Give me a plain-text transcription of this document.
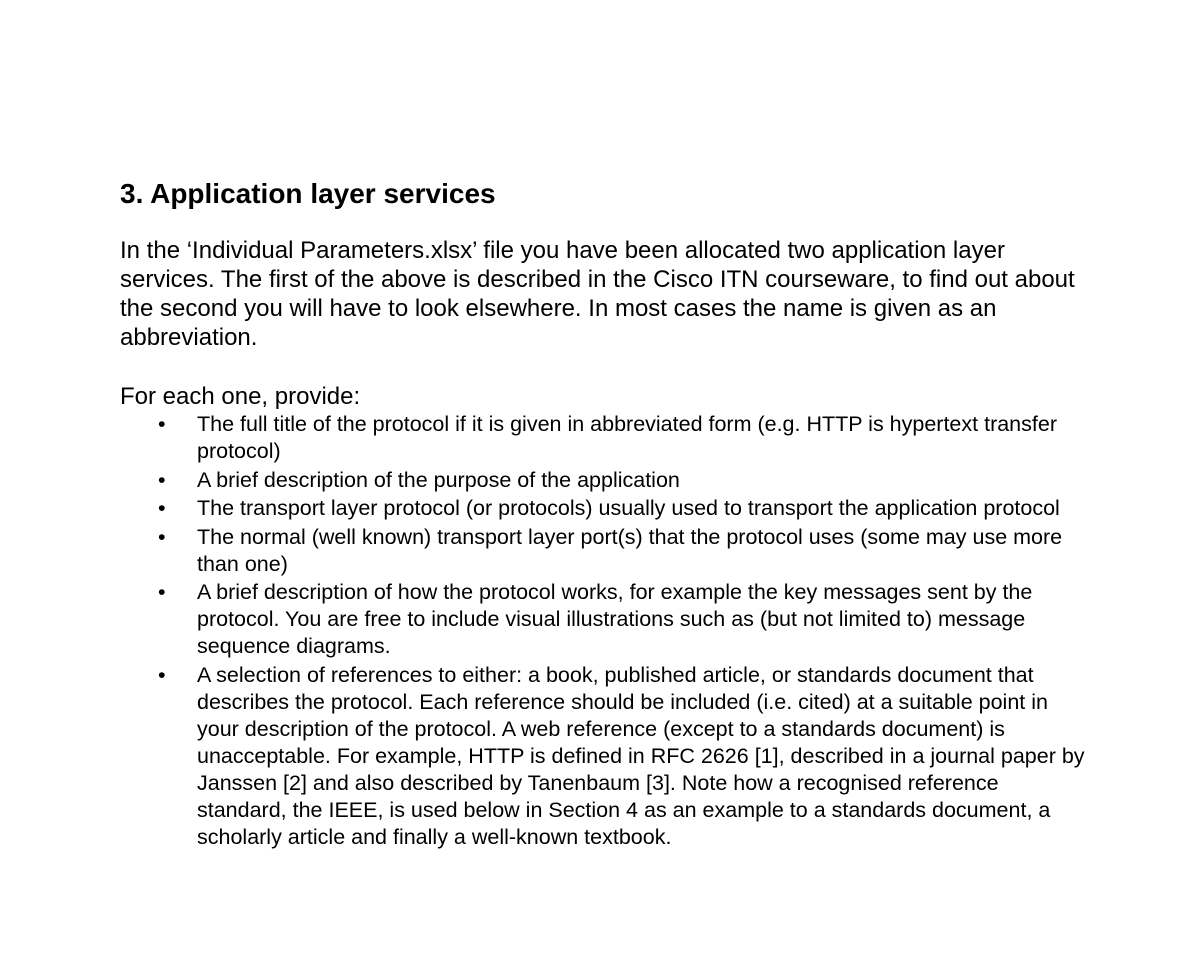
3. Application layer services

In the ‘Individual Parameters.xlsx’ file you have been allocated two application layer services. The first of the above is described in the Cisco ITN courseware, to find out about the second you will have to look elsewhere. In most cases the name is given as an abbreviation.

For each one, provide:

• The full title of the protocol if it is given in abbreviated form (e.g. HTTP is hypertext transfer protocol)
• A brief description of the purpose of the application
• The transport layer protocol (or protocols) usually used to transport the application protocol
• The normal (well known) transport layer port(s) that the protocol uses (some may use more than one)
• A brief description of how the protocol works, for example the key messages sent by the protocol. You are free to include visual illustrations such as (but not limited to) message sequence diagrams.
• A selection of references to either: a book, published article, or standards document that describes the protocol. Each reference should be included (i.e. cited) at a suitable point in your description of the protocol. A web reference (except to a standards document) is unacceptable. For example, HTTP is defined in RFC 2626 [1], described in a journal paper by Janssen [2] and also described by Tanenbaum [3]. Note how a recognised reference standard, the IEEE, is used below in Section 4 as an example to a standards document, a scholarly article and finally a well-known textbook.
